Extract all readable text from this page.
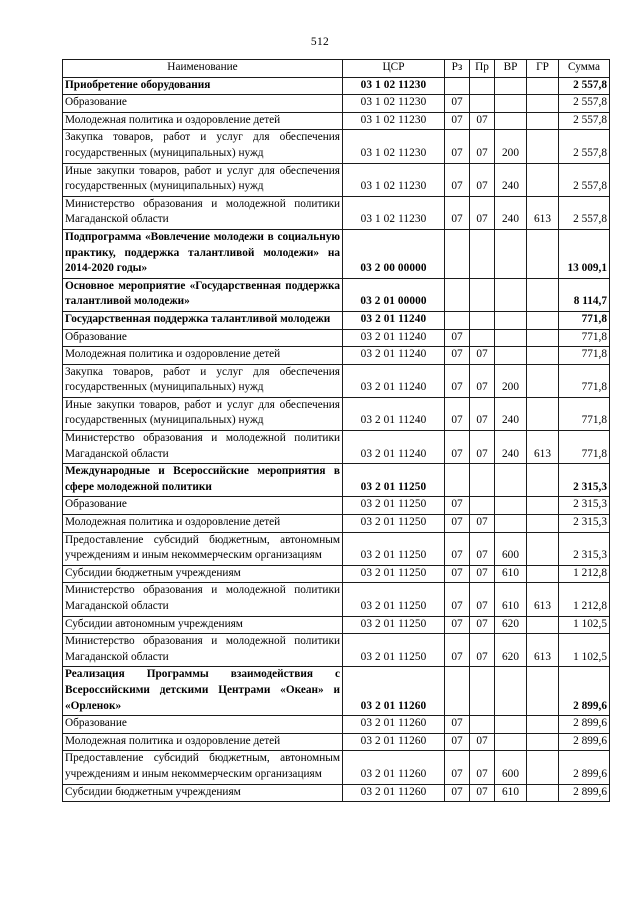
512
Наименование	ЦСР	Рз	Пр	ВР	ГР	Сумма
Приобретение оборудования	03 1 02 11230					2 557,8
Образование	03 1 02 11230	07				2 557,8
Молодежная политика и оздоровление детей	03 1 02 11230	07	07			2 557,8
Закупка товаров, работ и услуг для обеспечения государственных (муниципальных) нужд	03 1 02 11230	07	07	200		2 557,8
Иные закупки товаров, работ и услуг для обеспечения государственных (муниципальных) нужд	03 1 02 11230	07	07	240		2 557,8
Министерство образования и молодежной политики Магаданской области	03 1 02 11230	07	07	240	613	2 557,8
Подпрограмма «Вовлечение молодежи в социальную практику, поддержка талантливой молодежи» на 2014-2020 годы»	03 2 00 00000					13 009,1
Основное мероприятие «Государственная поддержка талантливой молодежи»	03 2 01 00000					8 114,7
Государственная поддержка талантливой молодежи	03 2 01 11240					771,8
Образование	03 2 01 11240	07				771,8
Молодежная политика и оздоровление детей	03 2 01 11240	07	07			771,8
Закупка товаров, работ и услуг для обеспечения государственных (муниципальных) нужд	03 2 01 11240	07	07	200		771,8
Иные закупки товаров, работ и услуг для обеспечения государственных (муниципальных) нужд	03 2 01 11240	07	07	240		771,8
Министерство образования и молодежной политики Магаданской области	03 2 01 11240	07	07	240	613	771,8
Международные и Всероссийские мероприятия в сфере молодежной политики	03 2 01 11250					2 315,3
Образование	03 2 01 11250	07				2 315,3
Молодежная политика и оздоровление детей	03 2 01 11250	07	07			2 315,3
Предоставление субсидий бюджетным, автономным учреждениям и иным некоммерческим организациям	03 2 01 11250	07	07	600		2 315,3
Субсидии бюджетным учреждениям	03 2 01 11250	07	07	610		1 212,8
Министерство образования и молодежной политики Магаданской области	03 2 01 11250	07	07	610	613	1 212,8
Субсидии автономным учреждениям	03 2 01 11250	07	07	620		1 102,5
Министерство образования и молодежной политики Магаданской области	03 2 01 11250	07	07	620	613	1 102,5
Реализация Программы взаимодействия с Всероссийскими детскими Центрами «Океан» и «Орленок»	03 2 01 11260					2 899,6
Образование	03 2 01 11260	07				2 899,6
Молодежная политика и оздоровление детей	03 2 01 11260	07	07			2 899,6
Предоставление субсидий бюджетным, автономным учреждениям и иным некоммерческим организациям	03 2 01 11260	07	07	600		2 899,6
Субсидии бюджетным учреждениям	03 2 01 11260	07	07	610		2 899,6
